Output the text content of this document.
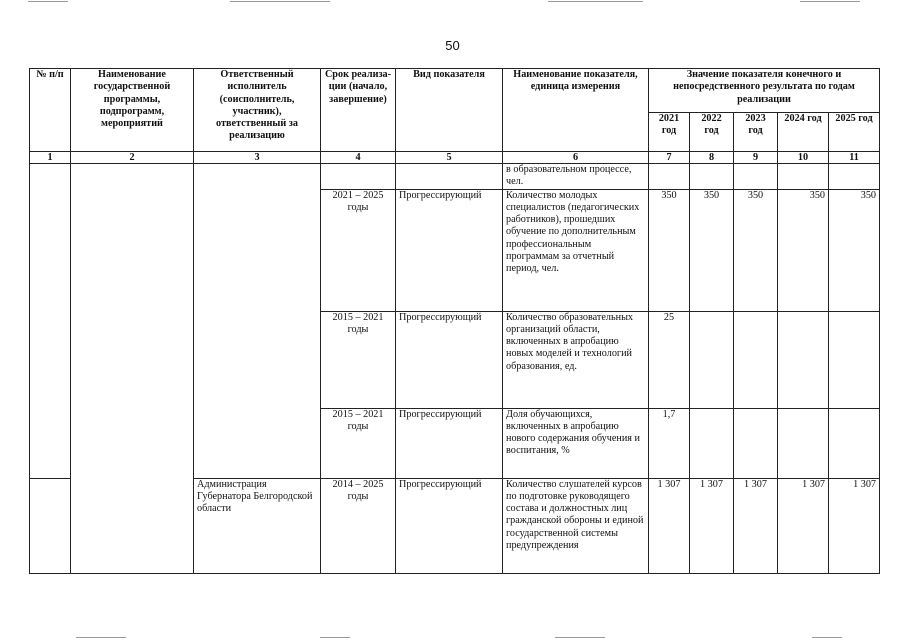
50
№ п/п	Наименование государственной программы, подпрограмм, мероприятий	Ответственный исполнитель (соисполнитель, участник), ответственный за реализацию	Срок реализа- ции (начало, завершение)	Вид показателя	Наименование показателя, единица измерения	Значение показателя конечного и непосредственного результата по годам реализации				
						2021 год	2022 год	2023 год	2024 год	2025 год
1	2	3	4	5	6	7	8	9	10	11
					в образовательном процессе, чел.					
			2021 – 2025 годы	Прогрессирующий	Количество молодых специалистов (педагогических работников), прошедших обучение по дополнительным профессиональным программам за отчетный период, чел.	350	350	350	350	350
			2015 – 2021 годы	Прогрессирующий	Количество образовательных организаций области, включенных в апробацию новых моделей и технологий образования, ед.	25				
			2015 – 2021 годы	Прогрессирующий	Доля обучающихся, включенных в апробацию нового содержания обучения и воспитания, %	1,7				
		Администрация Губернатора Белгородской области	2014 – 2025 годы	Прогрессирующий	Количество слушателей курсов по подготовке руководящего состава и должностных лиц гражданской обороны и единой государственной системы предупреждения	1 307	1 307	1 307	1 307	1 307
